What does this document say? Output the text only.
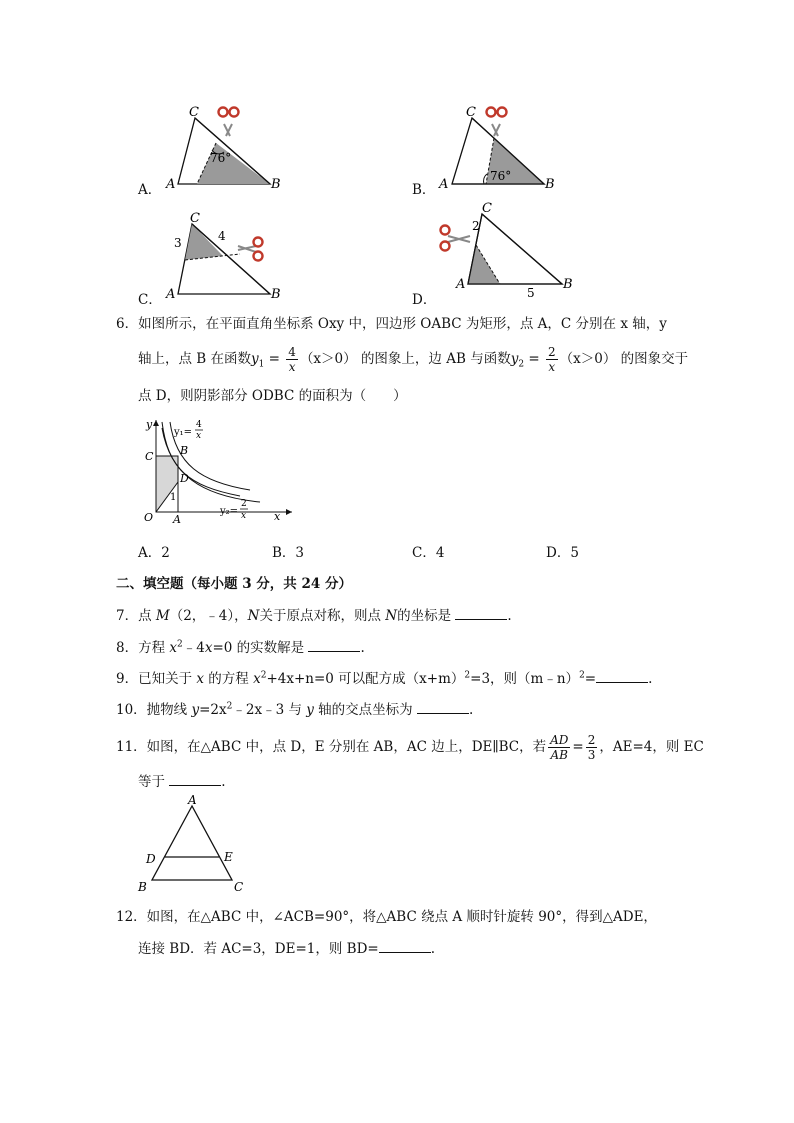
A．
C
A	B
76°
B．
C
A	B
76°
C．
C
A	B
3	4
D．
C
A	B
2
5
6．如图所示，在平面直角坐标系 Oxy 中，四边形 OABC 为矩形，点 A，C 分别在 x 轴，y
轴上，点 B 在函数$y_1 = \frac{4}{x} (x>0)$ 的图象上，边 AB 与函数$y_2 = \frac{2}{x} (x>0)$ 的图象交于
点 D，则阴影部分 ODBC 的面积为（　　）
y
x
C B
D
O A
1
y₁=
4
x
y₂=
2
x
A．2	B．3	C．4	D．5
二、填空题（每小题 3 分，共 24 分）
7．点 M（2，﹣4），N关于原点对称，则点 N的坐标是	.
8．方程 $x^2﹣4x=0$ 的实数解是	.
9．已知关于 x 的方程 $x^2+4x+n=0$ 可以配方成$(x+m)^2=3$，则（m﹣n）$^2$=	.
10．抛物线 $y=2x^2﹣2x﹣3$ 与 y 轴的交点坐标为	.
11．如图，在△ABC 中，点 D，E 分别在 AB，AC 边上，DE∥BC，若 $\frac{AD}{AB} = \frac{2}{3}$ ，AE=4，则 EC
等于	.
A
B	C
D	E
12．如图，在△ABC 中，∠ACB=90°，将△ABC 绕点 A 顺时针旋转 90°，得到△ADE，
连接 BD．若 AC=3，DE=1，则 BD=	.
